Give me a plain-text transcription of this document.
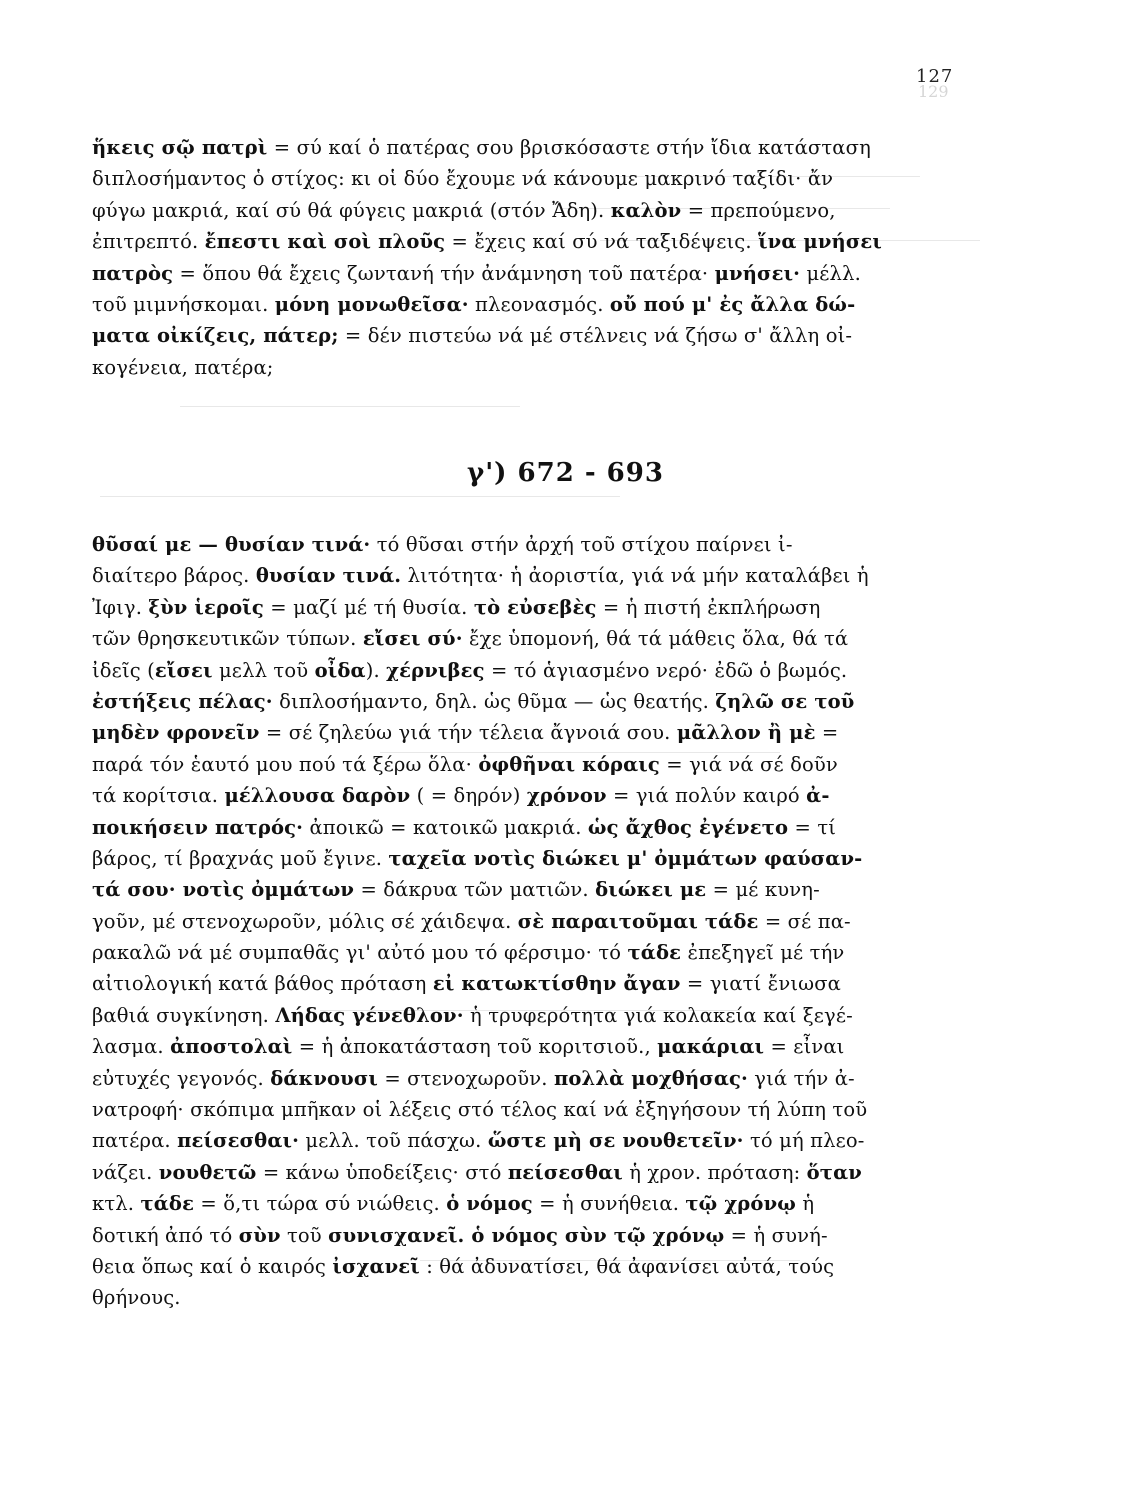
129
127
ἥκεις σῷ πατρὶ = σύ καί ὁ πατέρας σου βρισκόσαστε στήν ἴδια κατάσταση
διπλοσήμαντος ὁ στίχος: κι οἱ δύο ἔχουμε νά κάνουμε μακρινό ταξίδι· ἄν
φύγω μακριά, καί σύ θά φύγεις μακριά (στόν Ἄδη). καλὸν = πρεπούμενο,
ἐπιτρεπτό. ἔπεστι καὶ σοὶ πλοῦς = ἔχεις καί σύ νά ταξιδέψεις. ἵνα μνήσει
πατρὸς = ὅπου θά ἔχεις ζωντανή τήν ἀνάμνηση τοῦ πατέρα· μνήσει· μέλλ.
τοῦ μιμνήσκομαι. μόνη μονωθεῖσα· πλεονασμός. οὔ πού μ' ἐς ἄλλα δώ-
ματα οἰκίζεις, πάτερ; = δέν πιστεύω νά μέ στέλνεις νά ζήσω σ' ἄλλη οἰ-
κογένεια, πατέρα;
γ') 672 - 693
θῦσαί με — θυσίαν τινά· τό θῦσαι στήν ἀρχή τοῦ στίχου παίρνει ἰ-
διαίτερο βάρος. θυσίαν τινά. λιτότητα· ἡ ἀοριστία, γιά νά μήν καταλάβει ἡ
Ἰφιγ. ξὺν ἱεροῖς = μαζί μέ τή θυσία. τὸ εὐσεβὲς = ἡ πιστή ἐκπλήρωση
τῶν θρησκευτικῶν τύπων. εἴσει σύ· ἔχε ὑπομονή, θά τά μάθεις ὅλα, θά τά
ἰδεῖς (εἴσει μελλ τοῦ οἶδα). χέρνιβες = τό ἁγιασμένο νερό· ἐδῶ ὁ βωμός.
ἐστήξεις πέλας· διπλοσήμαντο, δηλ. ὡς θῦμα — ὡς θεατής. ζηλῶ σε τοῦ
μηδὲν φρονεῖν = σέ ζηλεύω γιά τήν τέλεια ἄγνοιά σου. μᾶλλον ἢ μὲ =
παρά τόν ἑαυτό μου πού τά ξέρω ὅλα· ὀφθῆναι κόραις = γιά νά σέ δοῦν
τά κορίτσια. μέλλουσα δαρὸν ( = δηρόν) χρόνον = γιά πολύν καιρό ἀ-
ποικήσειν πατρός· ἀποικῶ = κατοικῶ μακριά. ὡς ἄχθος ἐγένετο = τί
βάρος, τί βραχνάς μοῦ ἔγινε. ταχεῖα νοτὶς διώκει μ' ὀμμάτων φαύσαν-
τά σου· νοτὶς ὀμμάτων = δάκρυα τῶν ματιῶν. διώκει με = μέ κυνη-
γοῦν, μέ στενοχωροῦν, μόλις σέ χάιδεψα. σὲ παραιτοῦμαι τάδε = σέ πα-
ρακαλῶ νά μέ συμπαθᾶς γι' αὐτό μου τό φέρσιμο· τό τάδε ἐπεξηγεῖ μέ τήν
αἰτιολογική κατά βάθος πρόταση εἰ κατωκτίσθην ἄγαν = γιατί ἔνιωσα
βαθιά συγκίνηση. Λήδας γένεθλον· ἡ τρυφερότητα γιά κολακεία καί ξεγέ-
λασμα. ἀποστολαὶ = ἡ ἀποκατάσταση τοῦ κοριτσιοῦ., μακάριαι = εἶναι
εὐτυχές γεγονός. δάκνουσι = στενοχωροῦν. πολλὰ μοχθήσας· γιά τήν ἀ-
νατροφή· σκόπιμα μπῆκαν οἱ λέξεις στό τέλος καί νά ἐξηγήσουν τή λύπη τοῦ
πατέρα. πείσεσθαι· μελλ. τοῦ πάσχω. ὥστε μὴ σε νουθετεῖν· τό μή πλεο-
νάζει. νουθετῶ = κάνω ὑποδείξεις· στό πείσεσθαι ἡ χρον. πρόταση: ὅταν
κτλ. τάδε = ὅ,τι τώρα σύ νιώθεις. ὁ νόμος = ἡ συνήθεια. τῷ χρόνῳ ἡ
δοτική ἀπό τό σὺν τοῦ συνισχανεῖ. ὁ νόμος σὺν τῷ χρόνῳ = ἡ συνή-
θεια ὅπως καί ὁ καιρός ἰσχανεῖ : θά ἀδυνατίσει, θά ἀφανίσει αὐτά, τούς
θρήνους.
